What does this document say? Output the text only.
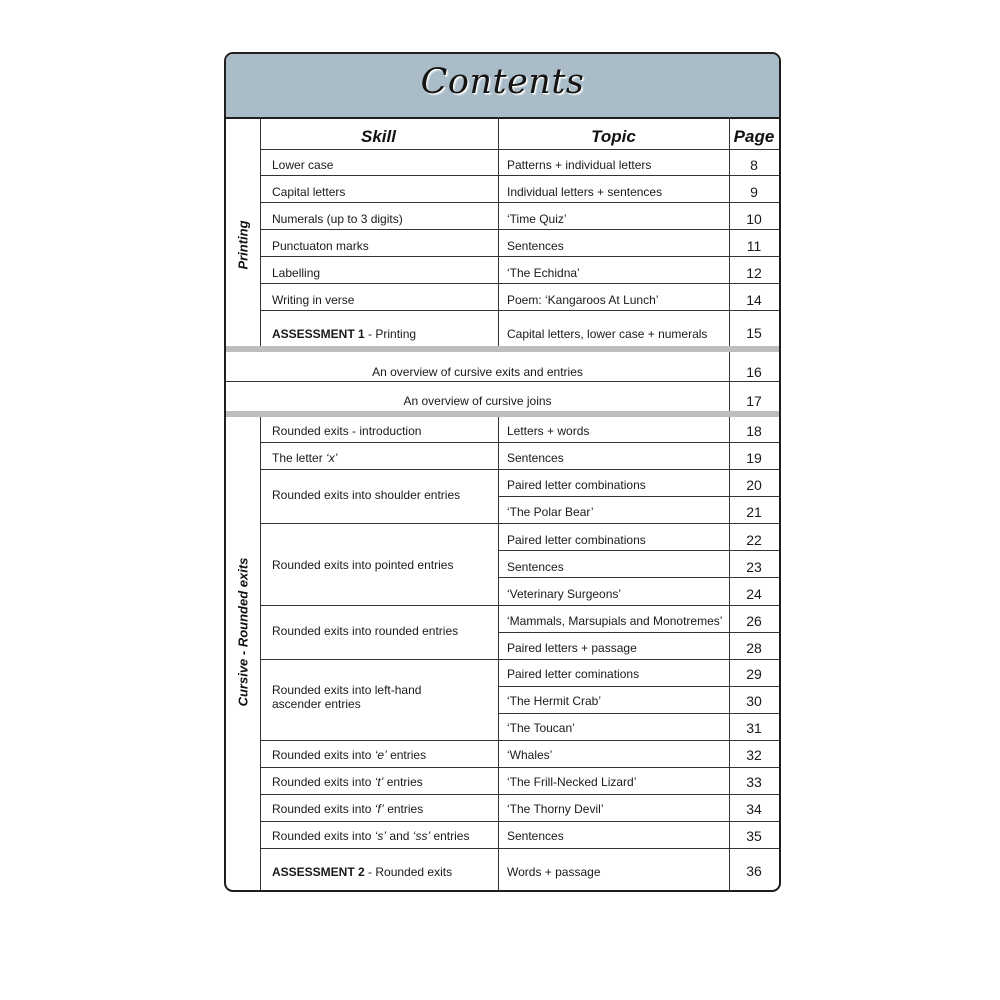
Contents
Skill	Topic	Page
Printing
Cursive - Rounded exits
Lower case	Patterns + individual letters	8
Capital letters	Individual letters + sentences	9
Numerals (up to 3 digits)	‘Time Quiz’	10
Punctuaton marks	Sentences	11
Labelling	‘The Echidna’	12
Writing in verse	Poem: ‘Kangaroos At Lunch’	14
ASSESSMENT 1 - Printing	Capital letters, lower case + numerals	15
An overview of cursive exits and entries	16
An overview of cursive joins	17
Rounded exits - introduction	Letters + words	18
The letter ‘x’	Sentences	19
Rounded exits into shoulder entries
Paired letter combinations	20
‘The Polar Bear’	21
Rounded exits into pointed entries
Paired letter combinations	22
Sentences	23
‘Veterinary Surgeons’	24
Rounded exits into rounded entries
‘Mammals, Marsupials and Monotremes’	26
Paired letters + passage	28
Rounded exits into left-hand
ascender entries
Paired letter cominations	29
‘The Hermit Crab’	30
‘The Toucan’	31
Rounded exits into ‘e’ entries	‘Whales’	32
Rounded exits into ‘t’ entries	‘The Frill-Necked Lizard’	33
Rounded exits into ‘f’ entries	‘The Thorny Devil’	34
Rounded exits into ‘s’ and ‘ss’ entries	Sentences	35
ASSESSMENT 2 - Rounded exits	Words + passage	36
